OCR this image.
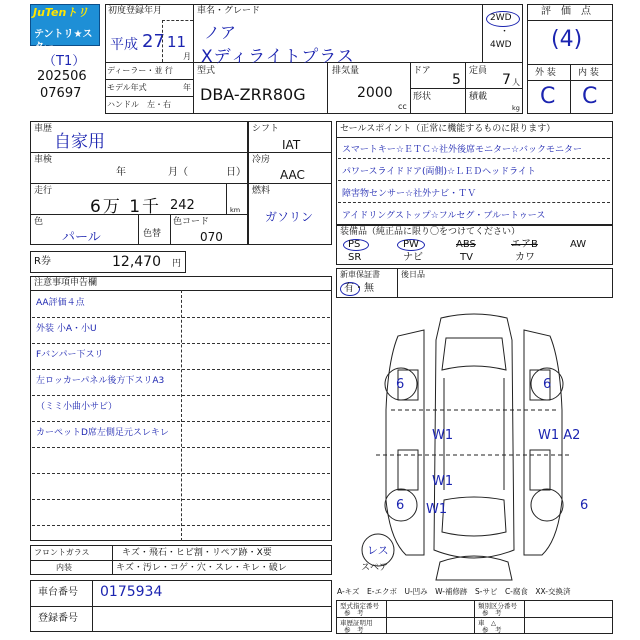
JuTenトリ
テントリ★スター
（T1）
202506
07697
初度登録年月
平成 27 11
月
車名・グレード
ノア
Xディライトプラス
2WD
・
4WD
ディーラー・並 行
モデル年式	年
ハンドル　左・右
型式
DBA-ZRR80G
排気量
2000
cc
ドア
5
定員
7 人
形状	積載
kg
評　価　点
(4)
外 装 内 装
C C
車歴
自家用
車検
年	月（	日）
走行
6万 1千 242	km
色
パール	色替
色コード
070
シフト
IAT
冷房
AAC
燃料
ガソリン
R券	12,470 円
セールスポイント（正常に機能するものに限ります）
スマートキー☆ＥＴＣ☆社外後席モニター☆バックモニター
パワースライドドア(両側)☆ＬＥＤヘッドライト
障害物センサー☆社外ナビ・ＴＶ
アイドリングストップ☆フルセグ・ブルートゥース
装備品（純正品に限り〇をつけてください）
PS	PW	ABS	エアB	AW
SR	ナビ	TV	カワ
新車保証書
有・無
後日品
注意事項申告欄
AA評価４点
外装 小A・小U
Fバンパー下スリ
左ロッカーパネル後方下スリA3
（ミミ小曲小サビ）
カーペットD席左側足元スレキレ
フロントガラス	キズ・飛石・ヒビ割・リペア跡・X要
内装	キズ・汚レ・コゲ・穴・スレ・キレ・破レ
車台番号 0175934
登録番号
6	6
W1	W1 A2
W1
6 W1	6
レス
スペア
A-キズ　E-エクボ　U-凹み　W-補修跡　S-サビ　C-腐食　XX-交換済
型式指定番号	類別区分番号
参　考	参　考
車歴証明用	車　△
参　考	参　考
